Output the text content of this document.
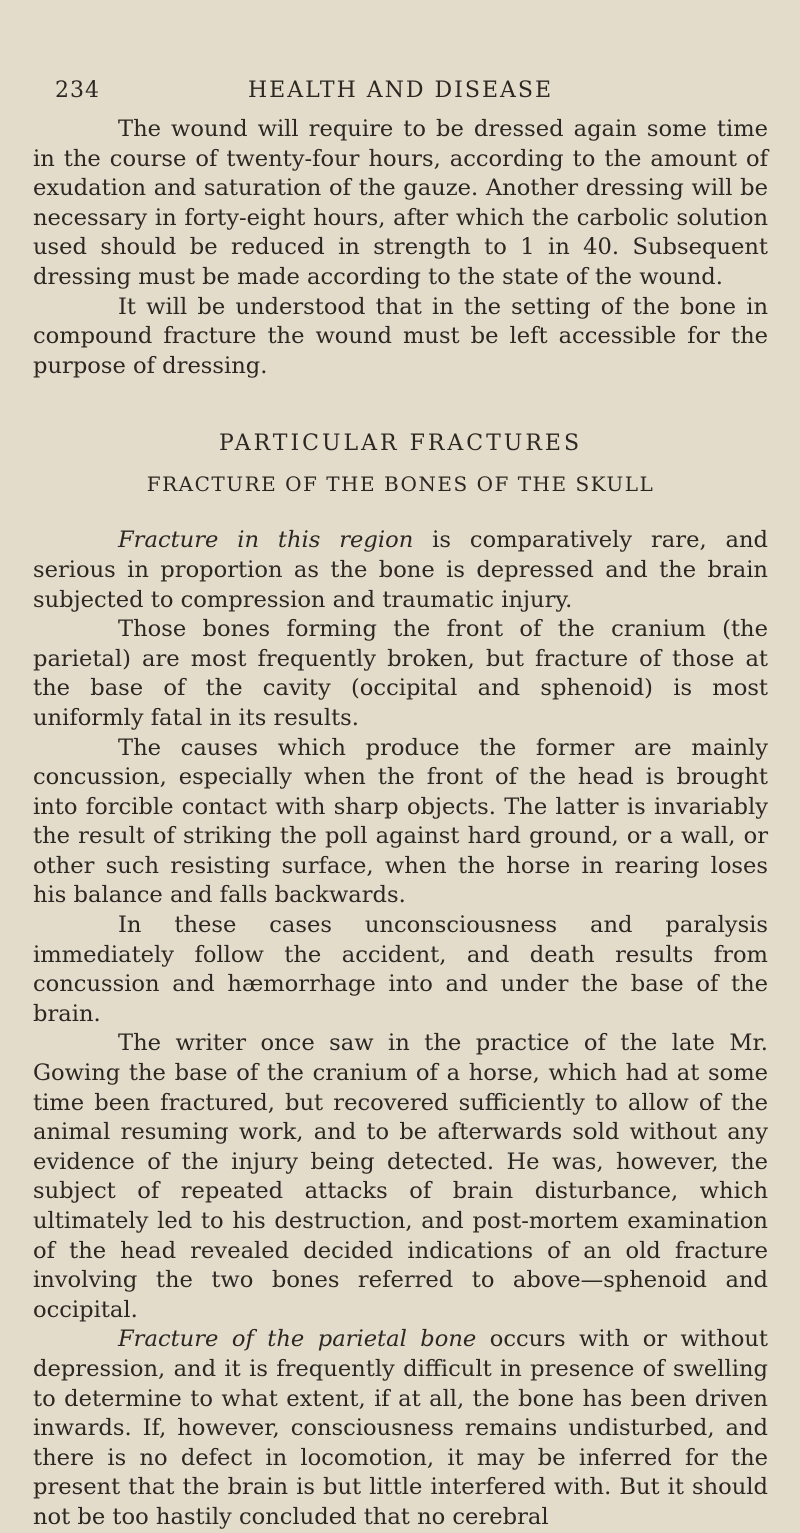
234	HEALTH AND DISEASE

The wound will require to be dressed again some time in the course of twenty-four hours, according to the amount of exudation and saturation of the gauze. Another dressing will be necessary in forty-eight hours, after which the carbolic solution used should be reduced in strength to 1 in 40. Subsequent dressing must be made according to the state of the wound.

It will be understood that in the setting of the bone in compound fracture the wound must be left accessible for the purpose of dressing.

PARTICULAR FRACTURES
FRACTURE OF THE BONES OF THE SKULL

Fracture in this region is comparatively rare, and serious in proportion as the bone is depressed and the brain subjected to compression and traumatic injury.

Those bones forming the front of the cranium (the parietal) are most frequently broken, but fracture of those at the base of the cavity (occipital and sphenoid) is most uniformly fatal in its results.

The causes which produce the former are mainly concussion, especially when the front of the head is brought into forcible contact with sharp objects. The latter is invariably the result of striking the poll against hard ground, or a wall, or other such resisting surface, when the horse in rearing loses his balance and falls backwards.

In these cases unconsciousness and paralysis immediately follow the accident, and death results from concussion and hæmorrhage into and under the base of the brain.

The writer once saw in the practice of the late Mr. Gowing the base of the cranium of a horse, which had at some time been fractured, but recovered sufficiently to allow of the animal resuming work, and to be afterwards sold without any evidence of the injury being detected. He was, however, the subject of repeated attacks of brain disturbance, which ultimately led to his destruction, and post-mortem examination of the head revealed decided indications of an old fracture involving the two bones referred to above—sphenoid and occipital.

Fracture of the parietal bone occurs with or without depression, and it is frequently difficult in presence of swelling to determine to what extent, if at all, the bone has been driven inwards. If, however, consciousness remains undisturbed, and there is no defect in locomotion, it may be inferred for the present that the brain is but little interfered with. But it should not be too hastily concluded that no cerebral
